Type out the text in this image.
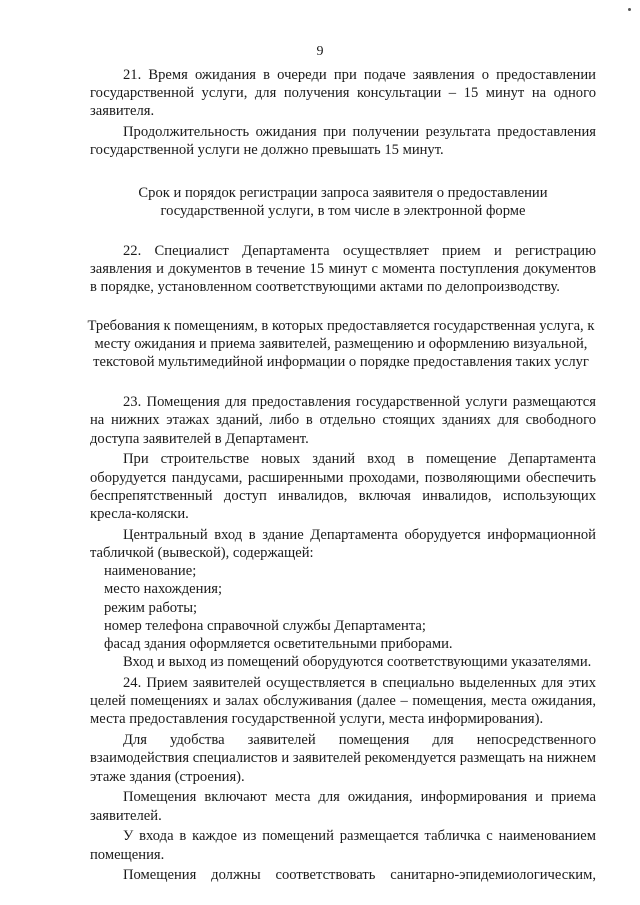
9

21. Время ожидания в очереди при подаче заявления о предоставлении государственной услуги, для получения консультации – 15 минут на одного заявителя.

Продолжительность ожидания при получении результата предоставления государственной услуги не должно превышать 15 минут.

Срок и порядок регистрации запроса заявителя о предоставлении государственной услуги, в том числе в электронной форме

22. Специалист Департамента осуществляет прием и регистрацию заявления и документов в течение 15 минут с момента поступления документов в порядке, установленном соответствующими актами по делопроизводству.

Требования к помещениям, в которых предоставляется государственная услуга, к месту ожидания и приема заявителей, размещению и оформлению визуальной, текстовой мультимедийной информации о порядке предоставления таких услуг

23. Помещения для предоставления государственной услуги размещаются на нижних этажах зданий, либо в отдельно стоящих зданиях для свободного доступа заявителей в Департамент.

При строительстве новых зданий вход в помещение Департамента оборудуется пандусами, расширенными проходами, позволяющими обеспечить беспрепятственный доступ инвалидов, включая инвалидов, использующих кресла-коляски.

Центральный вход в здание Департамента оборудуется информационной табличкой (вывеской), содержащей:

наименование;

место нахождения;

режим работы;

номер телефона справочной службы Департамента;

фасад здания оформляется осветительными приборами.

Вход и выход из помещений оборудуются соответствующими указателями.

24. Прием заявителей осуществляется в специально выделенных для этих целей помещениях и залах обслуживания (далее – помещения, места ожидания, места предоставления государственной услуги, места информирования).

Для удобства заявителей помещения для непосредственного взаимодействия специалистов и заявителей рекомендуется размещать на нижнем этаже здания (строения).

Помещения включают места для ожидания, информирования и приема заявителей.

У входа в каждое из помещений размещается табличка с наименованием помещения.

Помещения должны соответствовать санитарно-эпидемиологическим,
